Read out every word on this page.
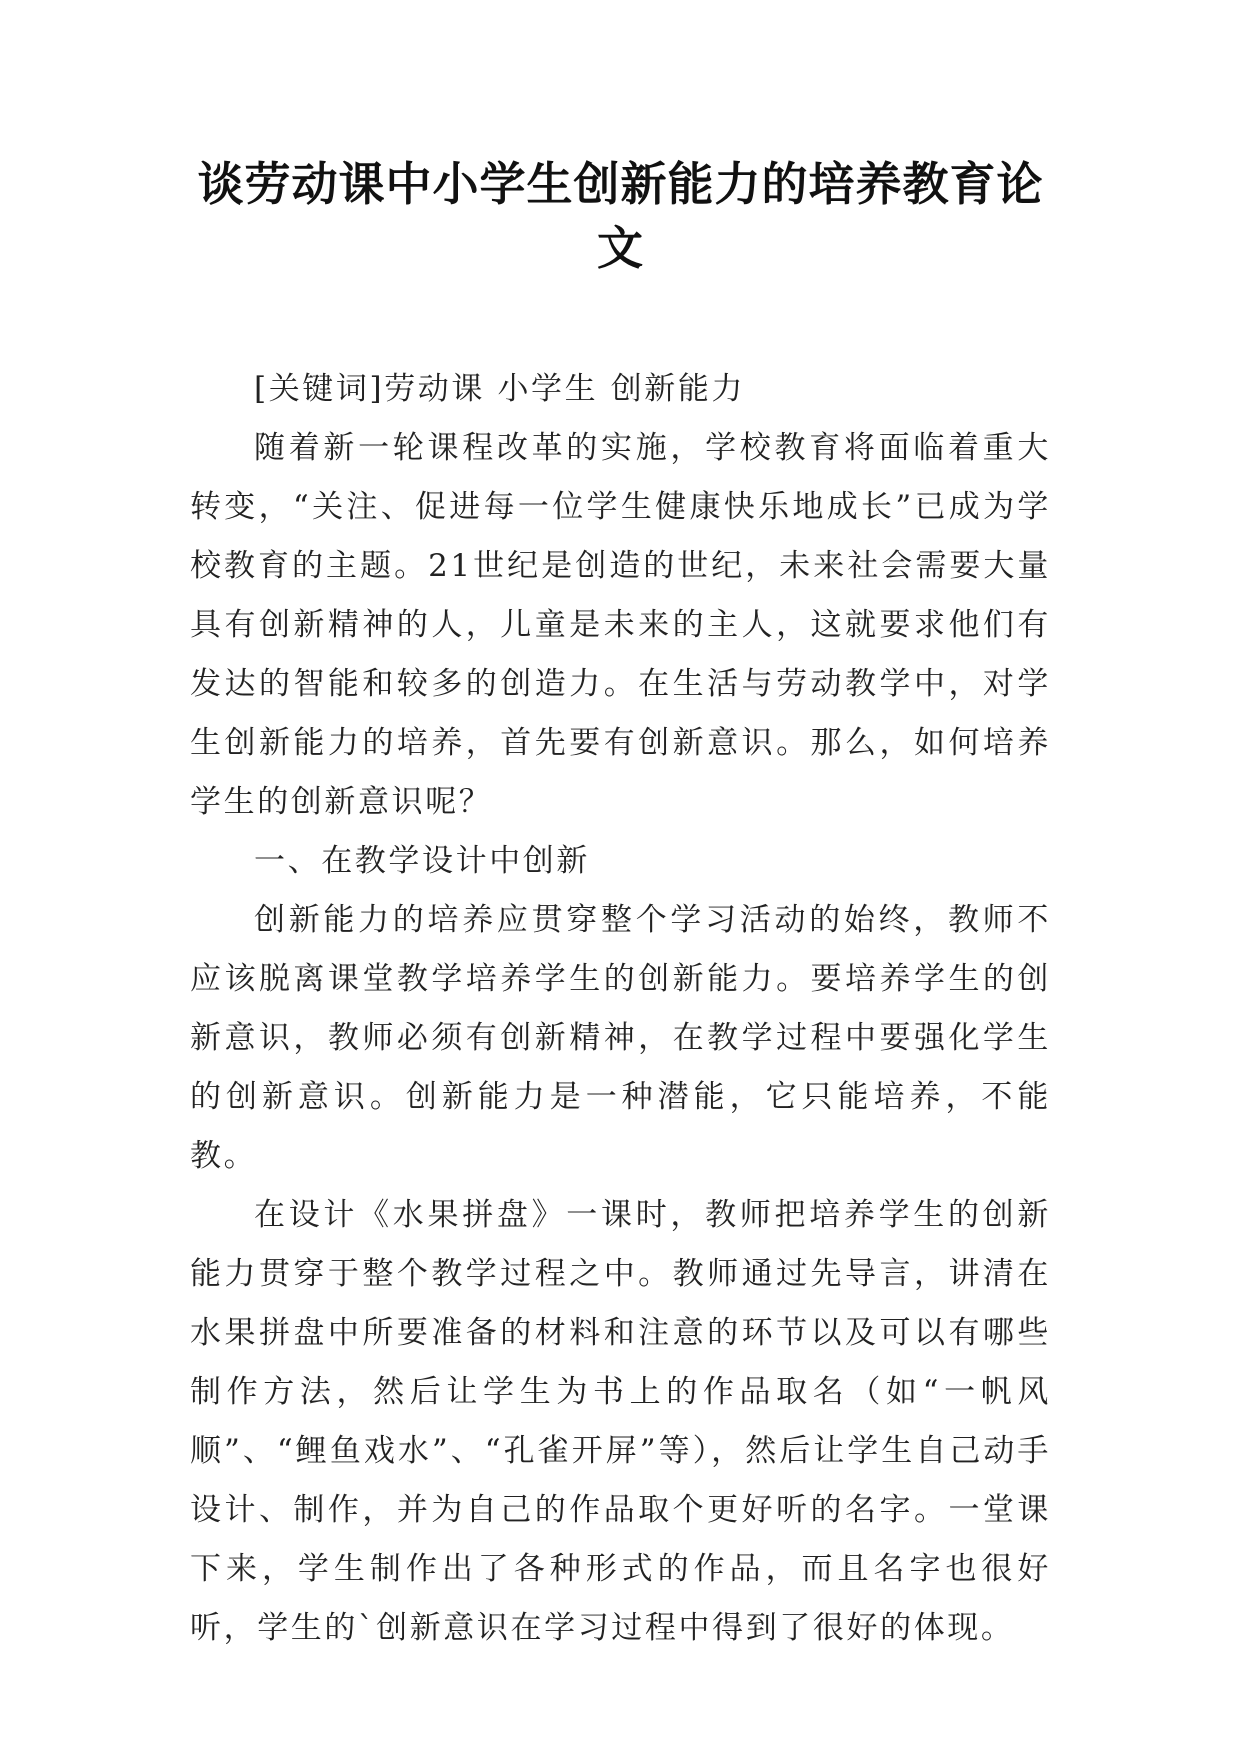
谈劳动课中小学生创新能力的培养教育论
文

[关键词]劳动课 小学生 创新能力

随着新一轮课程改革的实施，学校教育将面临着重大转变，“关注、促进每一位学生健康快乐地成长”已成为学校教育的主题。21世纪是创造的世纪，未来社会需要大量具有创新精神的人，儿童是未来的主人，这就要求他们有发达的智能和较多的创造力。在生活与劳动教学中，对学生创新能力的培养，首先要有创新意识。那么，如何培养学生的创新意识呢？

一、在教学设计中创新

创新能力的培养应贯穿整个学习活动的始终，教师不应该脱离课堂教学培养学生的创新能力。要培养学生的创新意识，教师必须有创新精神，在教学过程中要强化学生的创新意识。创新能力是一种潜能，它只能培养，不能教。

在设计《水果拼盘》一课时，教师把培养学生的创新能力贯穿于整个教学过程之中。教师通过先导言，讲清在水果拼盘中所要准备的材料和注意的环节以及可以有哪些制作方法，然后让学生为书上的作品取名（如“一帆风顺”、“鲤鱼戏水”、“孔雀开屏”等），然后让学生自己动手设计、制作，并为自己的作品取个更好听的名字。一堂课下来，学生制作出了各种形式的作品，而且名字也很好听，学生的`创新意识在学习过程中得到了很好的体现。
